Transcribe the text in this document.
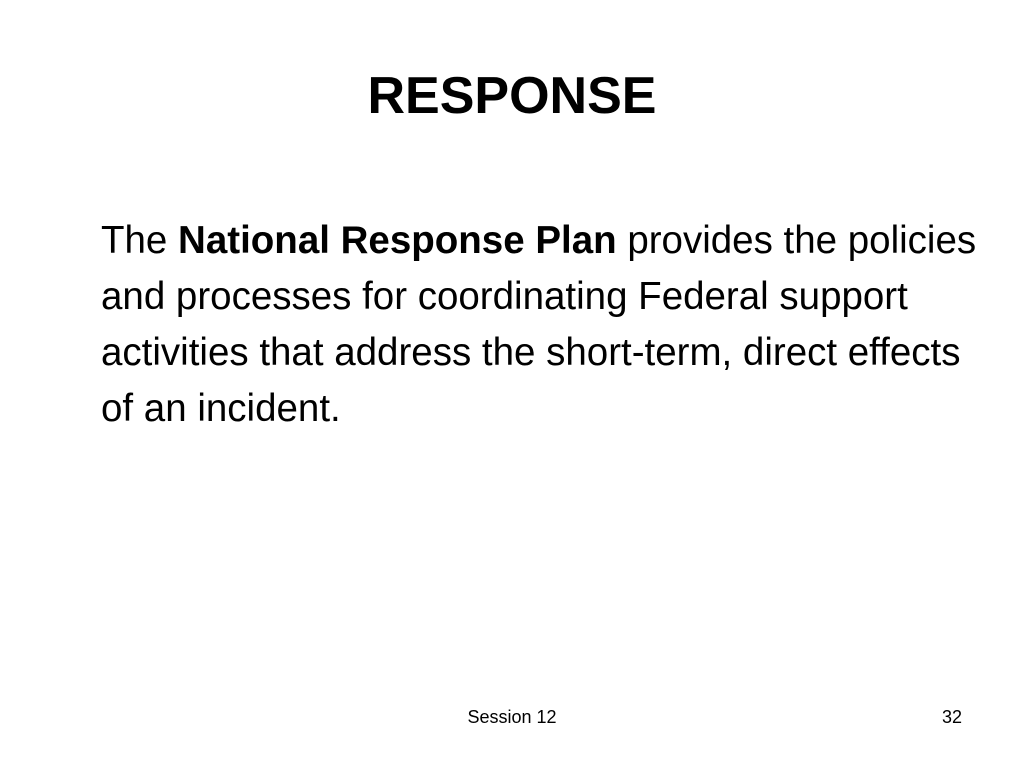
RESPONSE

The National Response Plan provides the policies and processes for coordinating Federal support activities that address the short-term, direct effects of an incident.

Session 12	32
